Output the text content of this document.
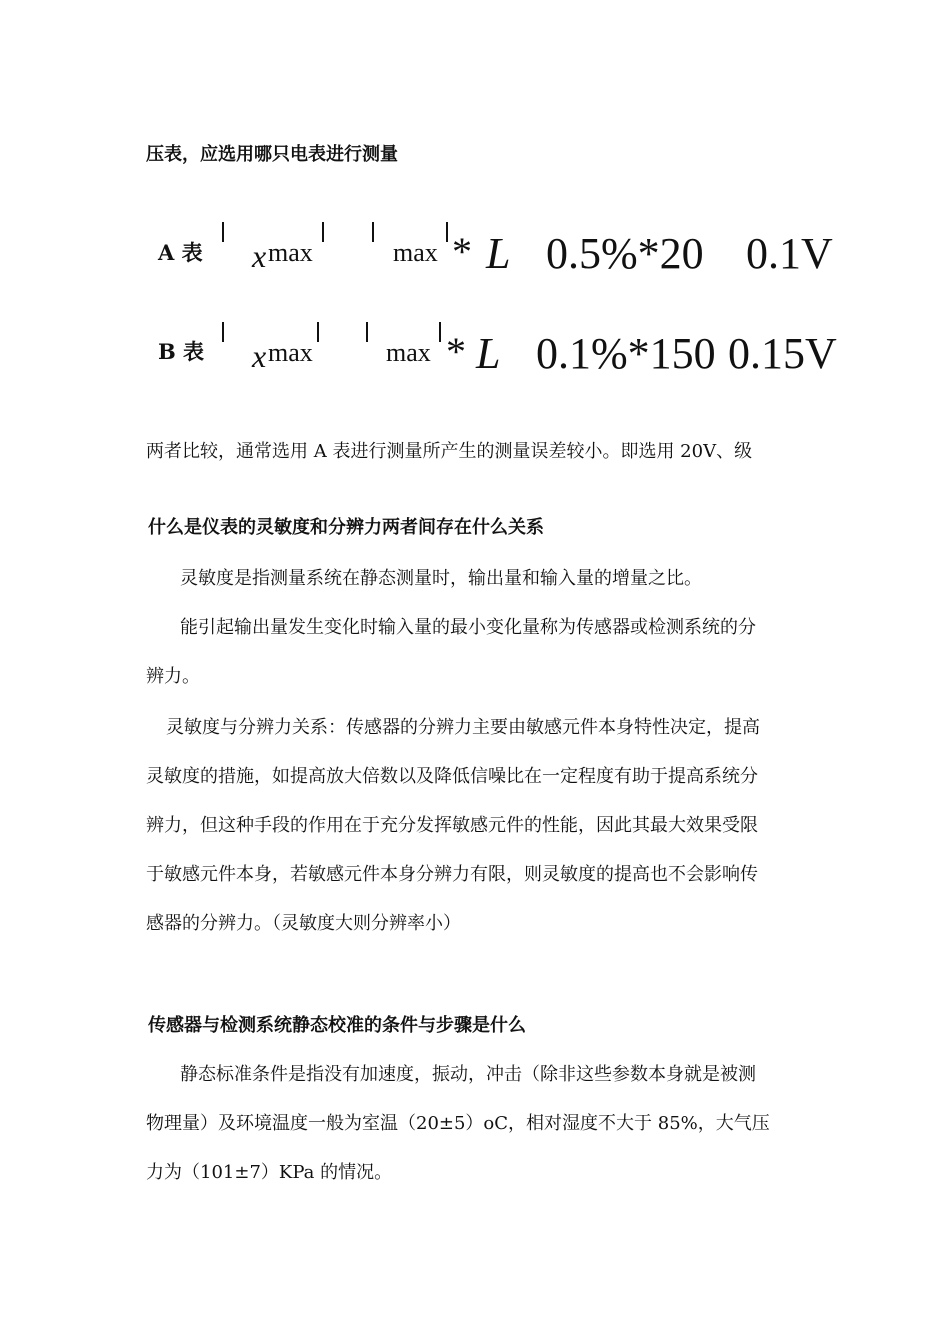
压表，应选用哪只电表进行测量
A 表 x max	max * L 0.5%*20 0.1V
B 表 x max	max * L 0.1%*150 0.15V
两者比较，通常选用 A 表进行测量所产生的测量误差较小。即选用 20V、级
什么是仪表的灵敏度和分辨力两者间存在什么关系
灵敏度是指测量系统在静态测量时，输出量和输入量的增量之比。
能引起输出量发生变化时输入量的最小变化量称为传感器或检测系统的分
辨力。
灵敏度与分辨力关系：传感器的分辨力主要由敏感元件本身特性决定，提高
灵敏度的措施，如提高放大倍数以及降低信噪比在一定程度有助于提高系统分
辨力，但这种手段的作用在于充分发挥敏感元件的性能，因此其最大效果受限
于敏感元件本身，若敏感元件本身分辨力有限，则灵敏度的提高也不会影响传
感器的分辨力。（灵敏度大则分辨率小）
传感器与检测系统静态校准的条件与步骤是什么
静态标准条件是指没有加速度，振动，冲击（除非这些参数本身就是被测
物理量）及环境温度一般为室温（20±5）oC，相对湿度不大于 85%，大气压
力为（101±7）KPa 的情况。
